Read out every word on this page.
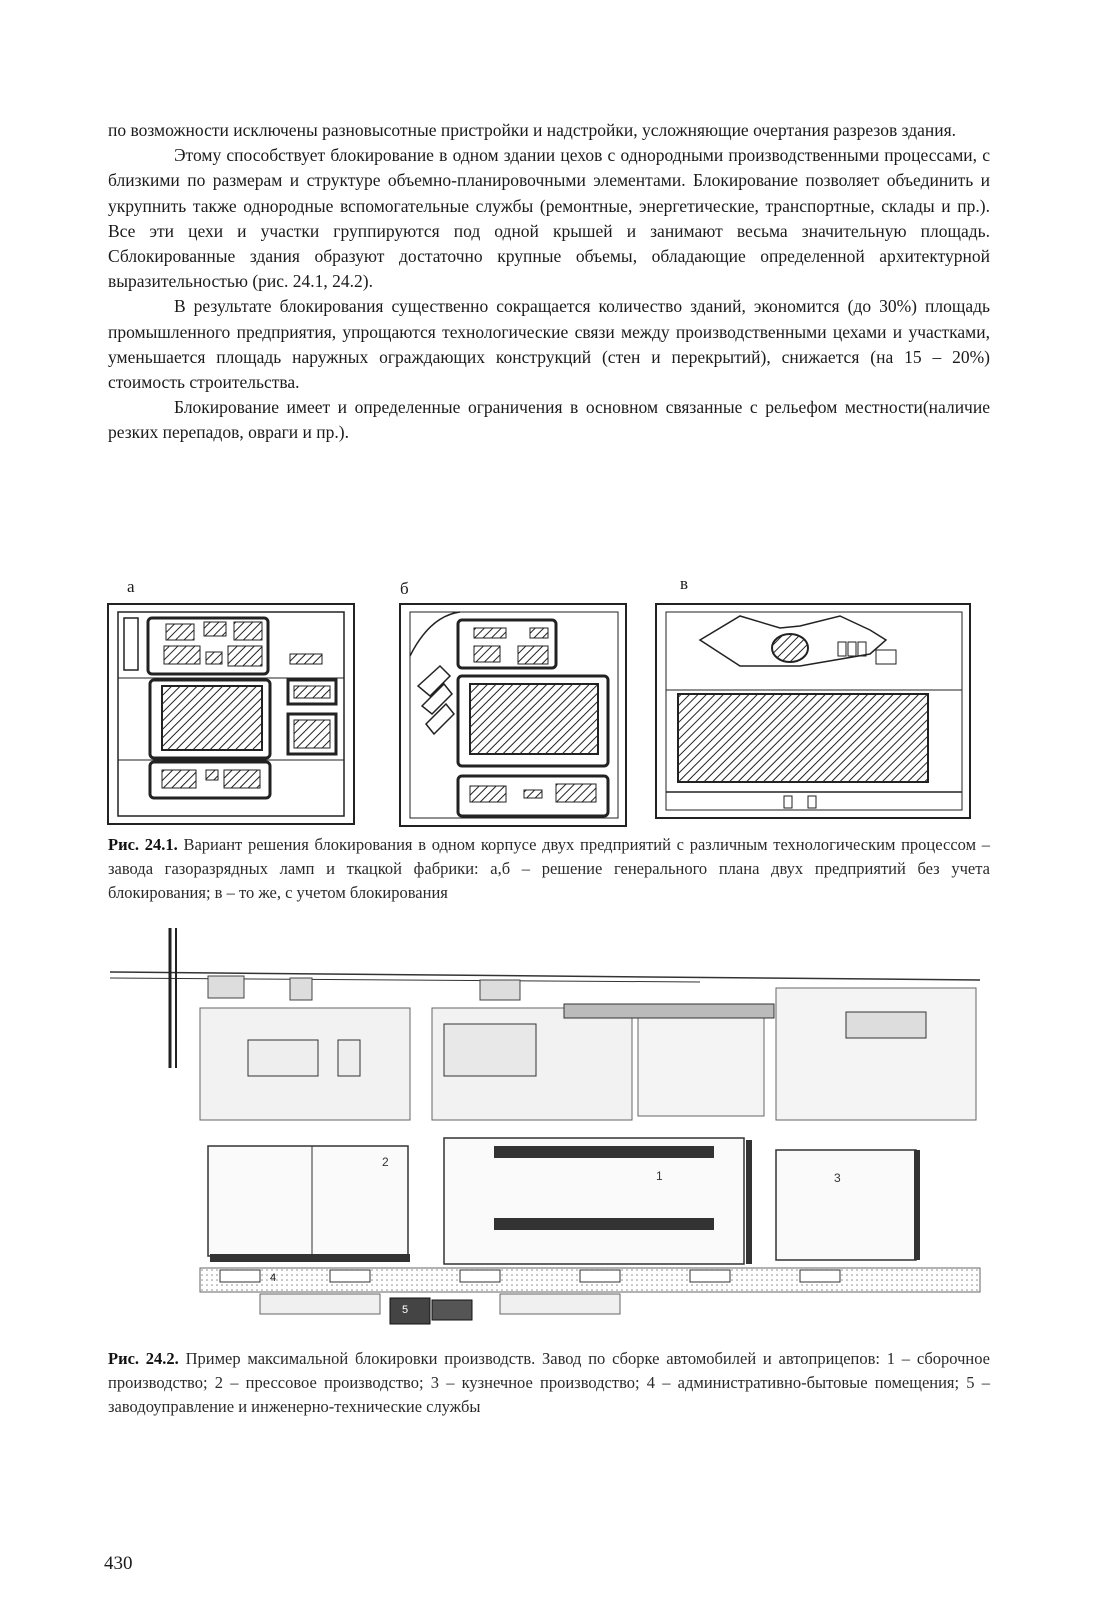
по возможности исключены разновысотные пристройки и надстройки, усложняющие очертания разрезов здания.

Этому способствует блокирование в одном здании цехов с однородными производственными процессами, с близкими по размерам и структуре объемно-планировочными элементами. Блокирование позволяет объединить и укрупнить также однородные вспомогательные службы (ремонтные, энергетические, транспортные, склады и пр.). Все эти цехи и участки группируются под одной крышей и занимают весьма значительную площадь. Сблокированные здания образуют достаточно крупные объемы, обладающие определенной архитектурной выразительностью (рис. 24.1, 24.2).

В результате блокирования существенно сокращается количество зданий, экономится (до 30%) площадь промышленного предприятия, упрощаются технологические связи между производственными цехами и участками, уменьшается площадь наружных ограждающих конструкций (стен и перекрытий), снижается (на 15 – 20%) стоимость строительства.

Блокирование имеет и определенные ограничения в основном связанные с рельефом местности(наличие резких перепадов, овраги и пр.).

а	б	в

Рис. 24.1. Вариант решения блокирования в одном корпусе двух предприятий с различным технологическим процессом – завода газоразрядных ламп и ткацкой фабрики: а,б – решение генерального плана двух предприятий без учета блокирования; в – то же, с учетом блокирования

1
2
3
4
5

Рис. 24.2. Пример максимальной блокировки производств. Завод по сборке автомобилей и автоприцепов: 1 – сборочное производство; 2 – прессовое производство; 3 – кузнечное производство; 4 – административно-бытовые помещения; 5 – заводоуправление и инженерно-технические службы

430
